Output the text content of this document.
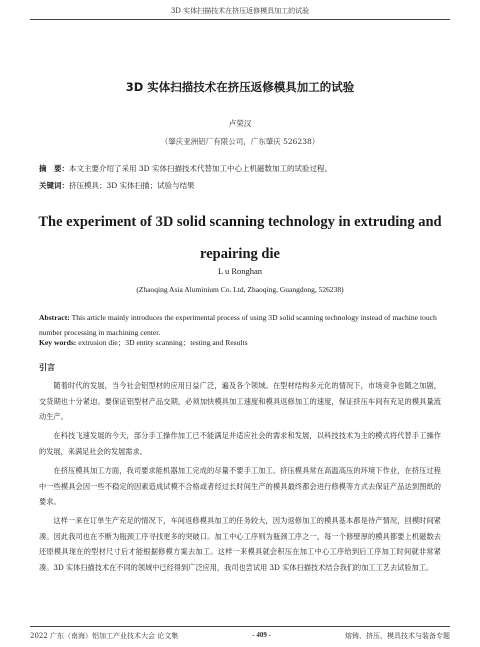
3D 实体扫描技术在挤压返修模具加工的试验
3D 实体扫描技术在挤压返修模具加工的试验
卢荣汉
（肇庆亚洲铝厂有限公司，广东肇庆 526238）
摘　要：本文主要介绍了采用 3D 实体扫描技术代替加工中心上机磁数加工的试验过程。
关键词：挤压模具；3D 实体扫描；试验与结果
The experiment of 3D solid scanning technology in extruding and repairing die
L u Ronghan
(Zhaoqing Asia Aluminium Co. Ltd, Zhaoqing, Guangdong, 526238)
Abstract: This article mainly introduces the experimental process of using 3D solid scanning technology instead of machine touch number processing in machining center.
Key words: extrusion die；3D entity scanning；testing and Results
引言

随着时代的发展，当今社会铝型材的应用日益广泛，遍及各个领域。在型材结构多元化的情况下，市场竞争也随之加剧，交货期也十分紧迫。要保证铝型材产品交期，必须加快模具加工速度和模具返修加工的速度，保证挤压车间有充足的模具量流动生产。

在科技飞速发展的今天，部分手工操作加工已不能满足并适应社会的需求和发展，以科技技术为主的模式将代替手工操作的发展，来满足社会的发展需求。

在挤压模具加工方面，我司要求能机器加工完成的尽量不要手工加工。挤压模具常在高温高压的环境下作业，在挤压过程中一些模具会因一些不稳定的因素造成试模不合格或者经过长时间生产的模具最终都会进行修模等方式去保证产品达到图纸的要求。

这样一来在订单生产充足的情况下，车间返修模具加工的任务较大，因为返修加工的模具基本都是待产情况，回模时间紧凑。因此我司也在不断为瓶颈工序寻找更多的突破口。加工中心工序则为瓶颈工序之一，每一个修壁厚的模具都要上机磁数去还原模具现在的型材尺寸后才能根据修模方案去加工。这样一来模具就会积压在加工中心工序给到后工序加工时间就非常紧凑。3D 实体扫描技术在不同的领域中已经得到广泛应用，我司也尝试用 3D 实体扫描技术结合我们的加工工艺去试验加工。

2022 广东（南海）铝加工产业技术大会 论文集	- 409 -	熔铸、挤压、模具技术与装备专题
